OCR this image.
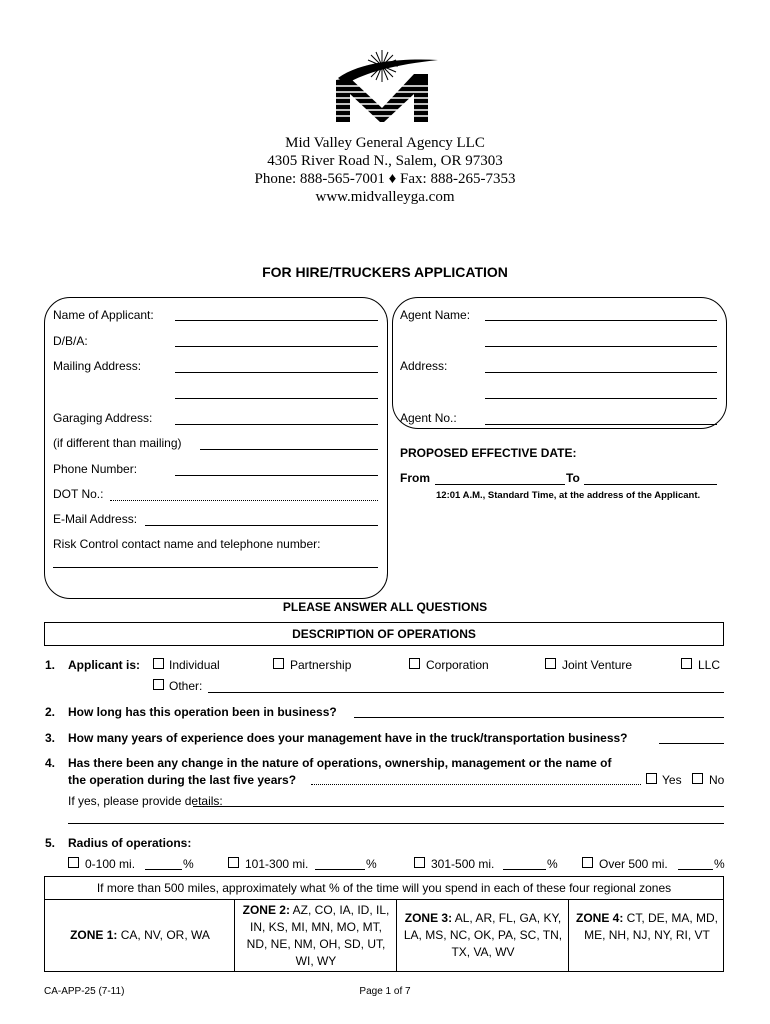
Mid Valley General Agency LLC
4305 River Road N., Salem, OR 97303
Phone: 888-565-7001 ♦ Fax: 888-265-7353
www.midvalleyga.com
FOR HIRE/TRUCKERS APPLICATION
Name of Applicant:
D/B/A:
Mailing Address:
Garaging Address:
(if different than mailing)
Phone Number:
DOT No.:
E-Mail Address:
Risk Control contact name and telephone number:
Agent Name:
Address:
Agent No.:
PROPOSED EFFECTIVE DATE:
From	To
12:01 A.M., Standard Time, at the address of the Applicant.
PLEASE ANSWER ALL QUESTIONS
DESCRIPTION OF OPERATIONS
1. Applicant is: Individual	Partnership	Corporation	Joint Venture	LLC
Other:
2. How long has this operation been in business?
3. How many years of experience does your management have in the truck/transportation business?
4. Has there been any change in the nature of operations, ownership, management or the name of
the operation during the last five years?	Yes No
If yes, please provide details:
5. Radius of operations:
0-100 mi.	%	101-300 mi.	%	301-500 mi.	%	Over 500 mi.	%
If more than 500 miles, approximately what % of the time will you spend in each of these four regional zones
ZONE 1: CA, NV, OR, WA
ZONE 2: AZ, CO, IA, ID, IL, IN, KS, MI, MN, MO, MT, ND, NE, NM, OH, SD, UT, WI, WY
ZONE 3: AL, AR, FL, GA, KY, LA, MS, NC, OK, PA, SC, TN, TX, VA, WV
ZONE 4: CT, DE, MA, MD, ME, NH, NJ, NY, RI, VT
CA-APP-25 (7-11)	Page 1 of 7
